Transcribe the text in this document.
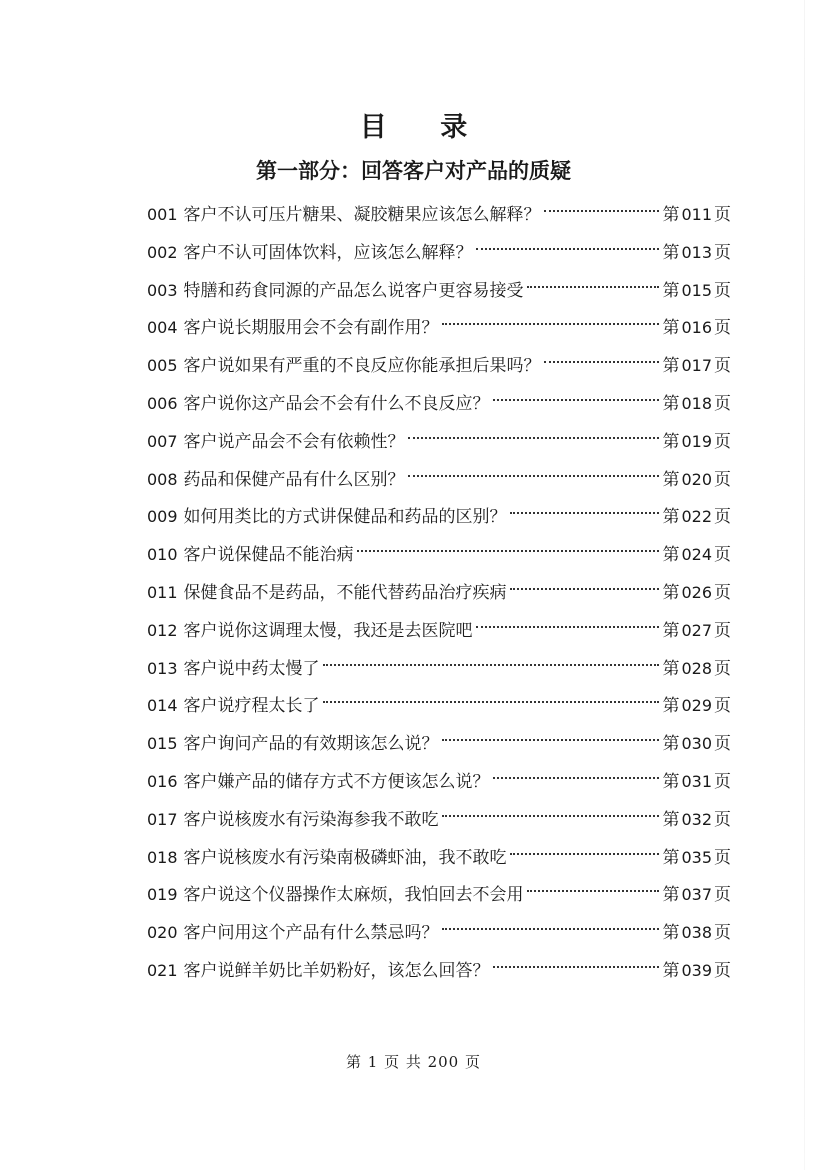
目 录
第一部分：回答客户对产品的质疑
001 客户不认可压片糖果、凝胶糖果应该怎么解释？	第 011 页
002 客户不认可固体饮料，应该怎么解释？	第 013 页
003 特膳和药食同源的产品怎么说客户更容易接受	第 015 页
004 客户说长期服用会不会有副作用？	第 016 页
005 客户说如果有严重的不良反应你能承担后果吗？	第 017 页
006 客户说你这产品会不会有什么不良反应？	第 018 页
007 客户说产品会不会有依赖性？	第 019 页
008 药品和保健产品有什么区别？	第 020 页
009 如何用类比的方式讲保健品和药品的区别？	第 022 页
010 客户说保健品不能治病	第 024 页
011 保健食品不是药品，不能代替药品治疗疾病	第 026 页
012 客户说你这调理太慢，我还是去医院吧	第 027 页
013 客户说中药太慢了	第 028 页
014 客户说疗程太长了	第 029 页
015 客户询问产品的有效期该怎么说？	第 030 页
016 客户嫌产品的储存方式不方便该怎么说？	第 031 页
017 客户说核废水有污染海参我不敢吃	第 032 页
018 客户说核废水有污染南极磷虾油，我不敢吃	第 035 页
019 客户说这个仪器操作太麻烦，我怕回去不会用	第 037 页
020 客户问用这个产品有什么禁忌吗？	第 038 页
021 客户说鲜羊奶比羊奶粉好，该怎么回答？	第 039 页
第 1 页 共 200 页
